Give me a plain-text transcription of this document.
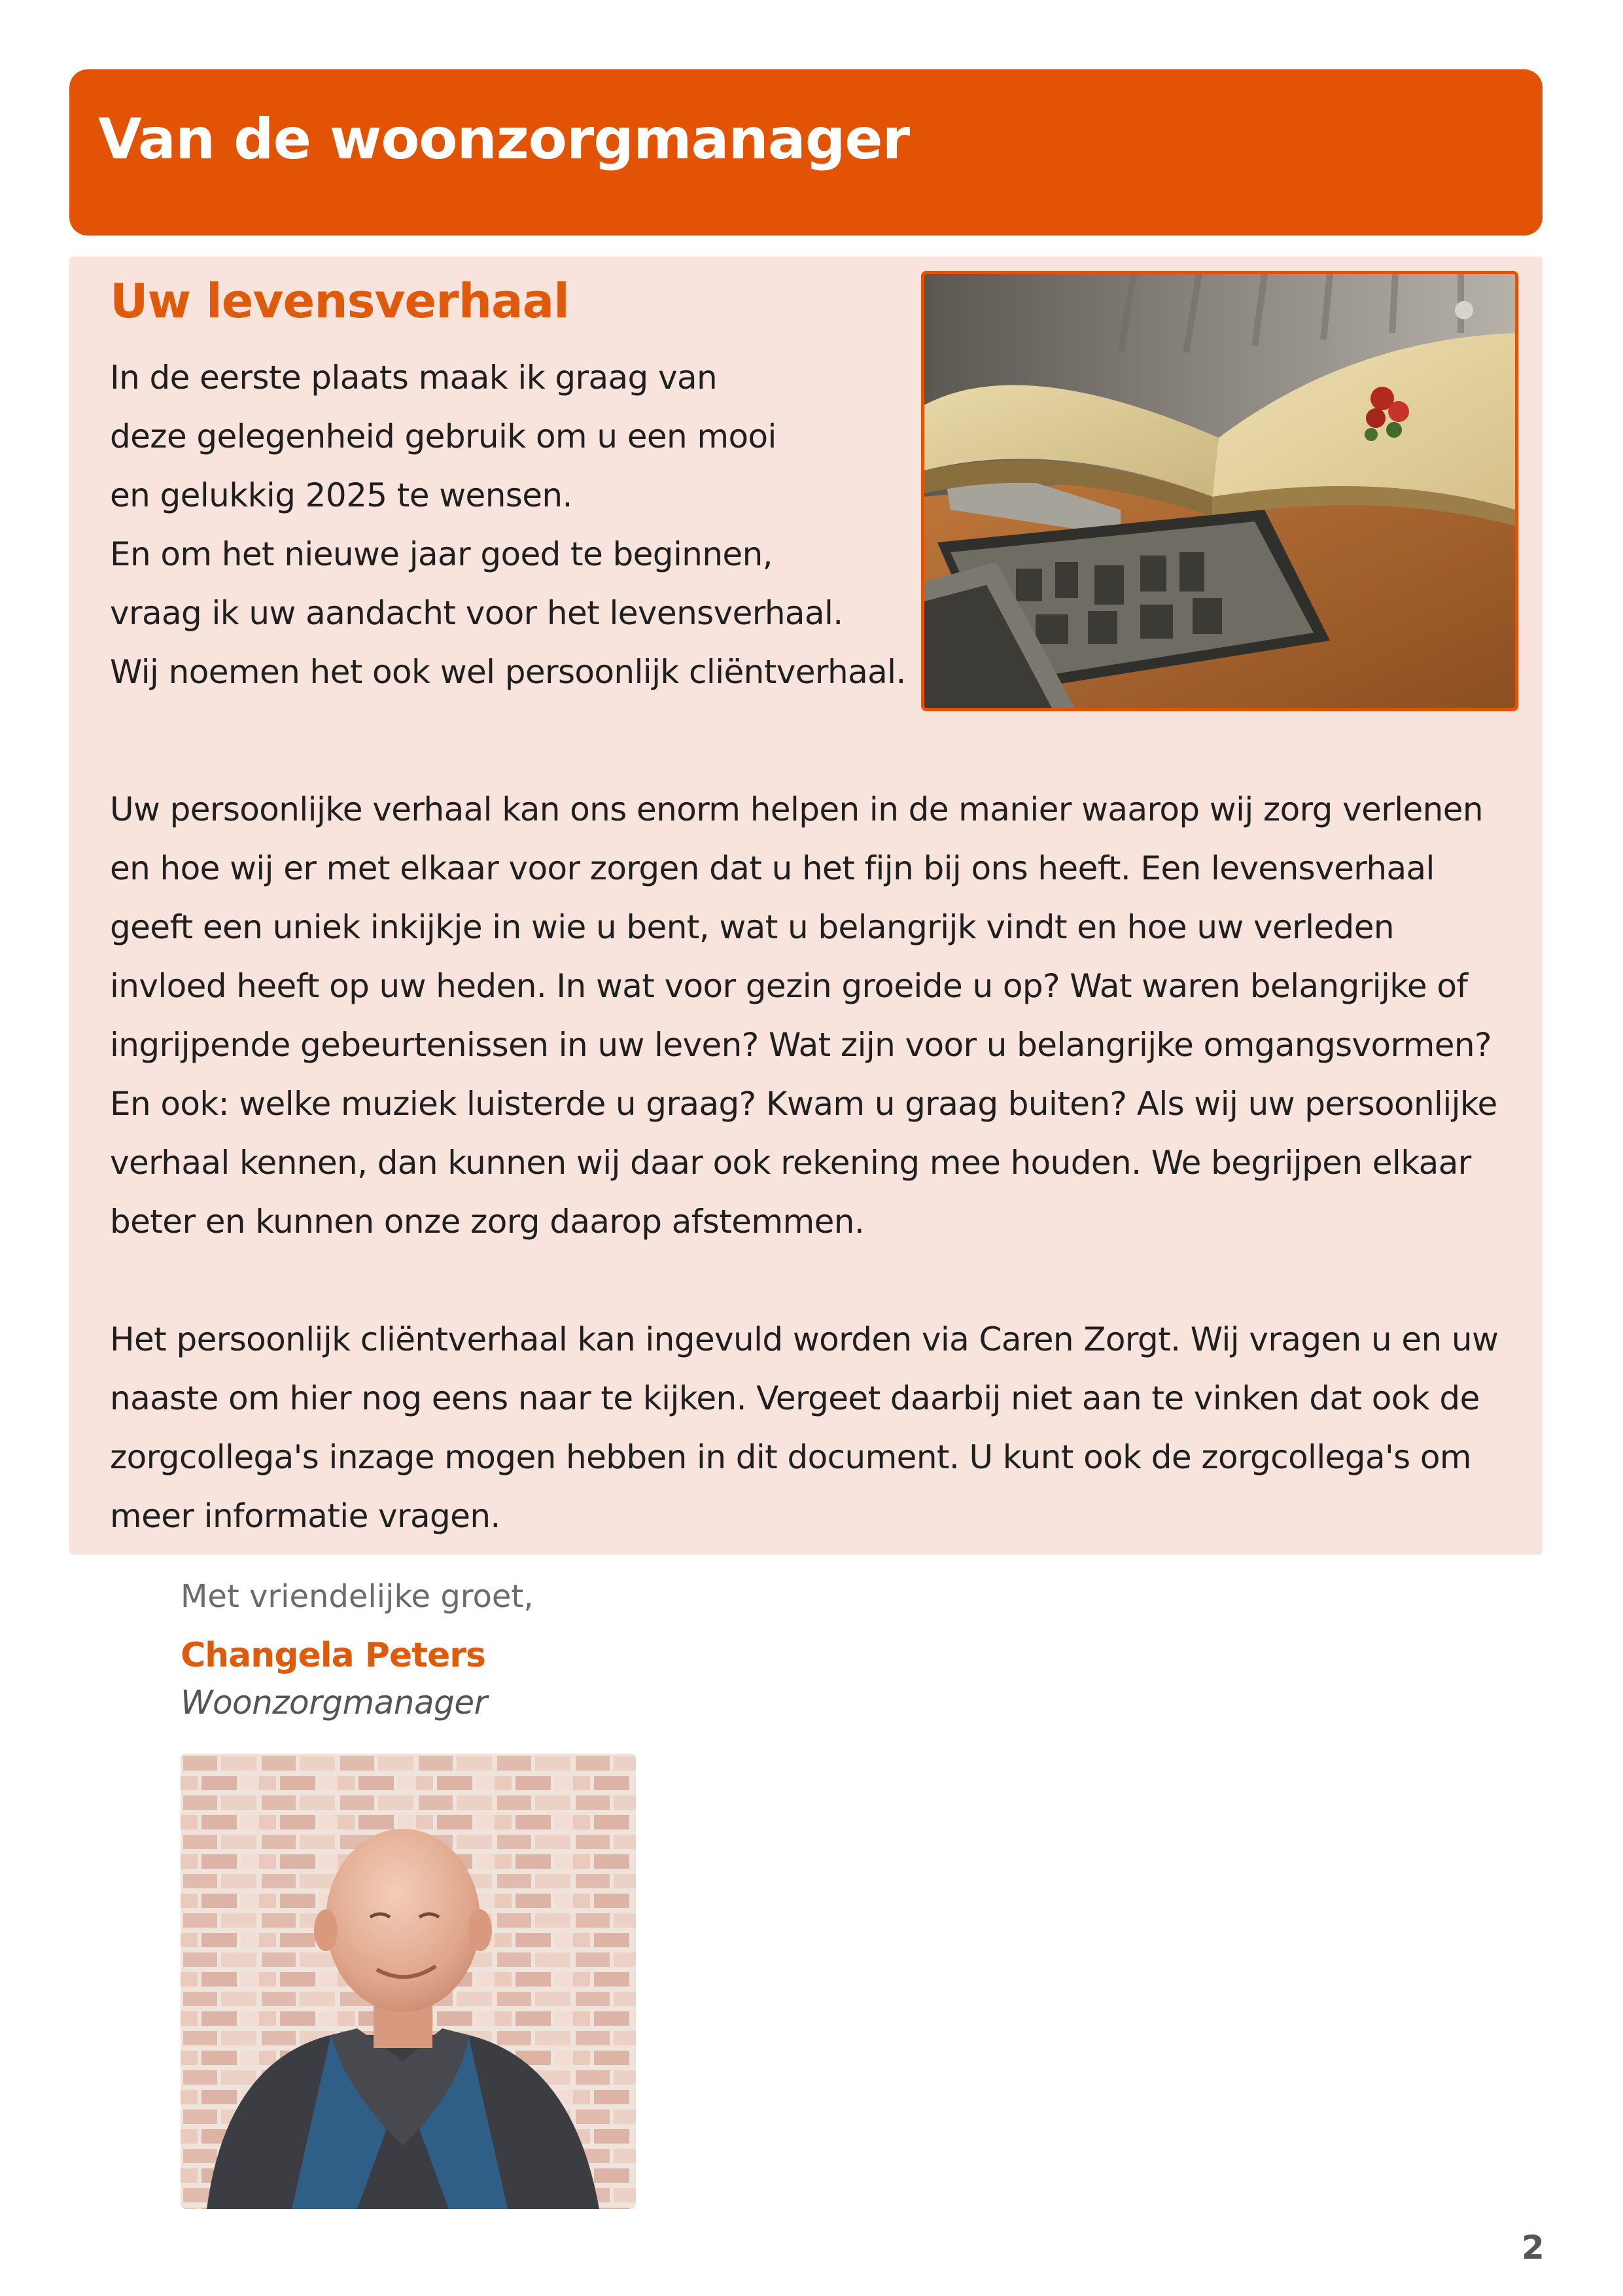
Van de woonzorgmanager
Uw levensverhaal
In de eerste plaats maak ik graag van
deze gelegenheid gebruik om u een mooi
en gelukkig 2025 te wensen.
En om het nieuwe jaar goed te beginnen,
vraag ik uw aandacht voor het levensverhaal.
Wij noemen het ook wel persoonlijk cliëntverhaal.

Uw persoonlijke verhaal kan ons enorm helpen in de manier waarop wij zorg verlenen en hoe wij er met elkaar voor zorgen dat u het fijn bij ons heeft. Een levensverhaal geeft een uniek inkijkje in wie u bent, wat u belangrijk vindt en hoe uw verleden invloed heeft op uw heden. In wat voor gezin groeide u op? Wat waren belangrijke of ingrijpende gebeurtenissen in uw leven? Wat zijn voor u belangrijke omgangsvormen? En ook: welke muziek luisterde u graag? Kwam u graag buiten? Als wij uw persoonlijke verhaal kennen, dan kunnen wij daar ook rekening mee houden. We begrijpen elkaar beter en kunnen onze zorg daarop afstemmen.

Het persoonlijk cliëntverhaal kan ingevuld worden via Caren Zorgt. Wij vragen u en uw naaste om hier nog eens naar te kijken. Vergeet daarbij niet aan te vinken dat ook de zorgcollega's inzage mogen hebben in dit document. U kunt ook de zorgcollega's om meer informatie vragen.

Met vriendelijke groet,
Changela Peters
Woonzorgmanager
2
